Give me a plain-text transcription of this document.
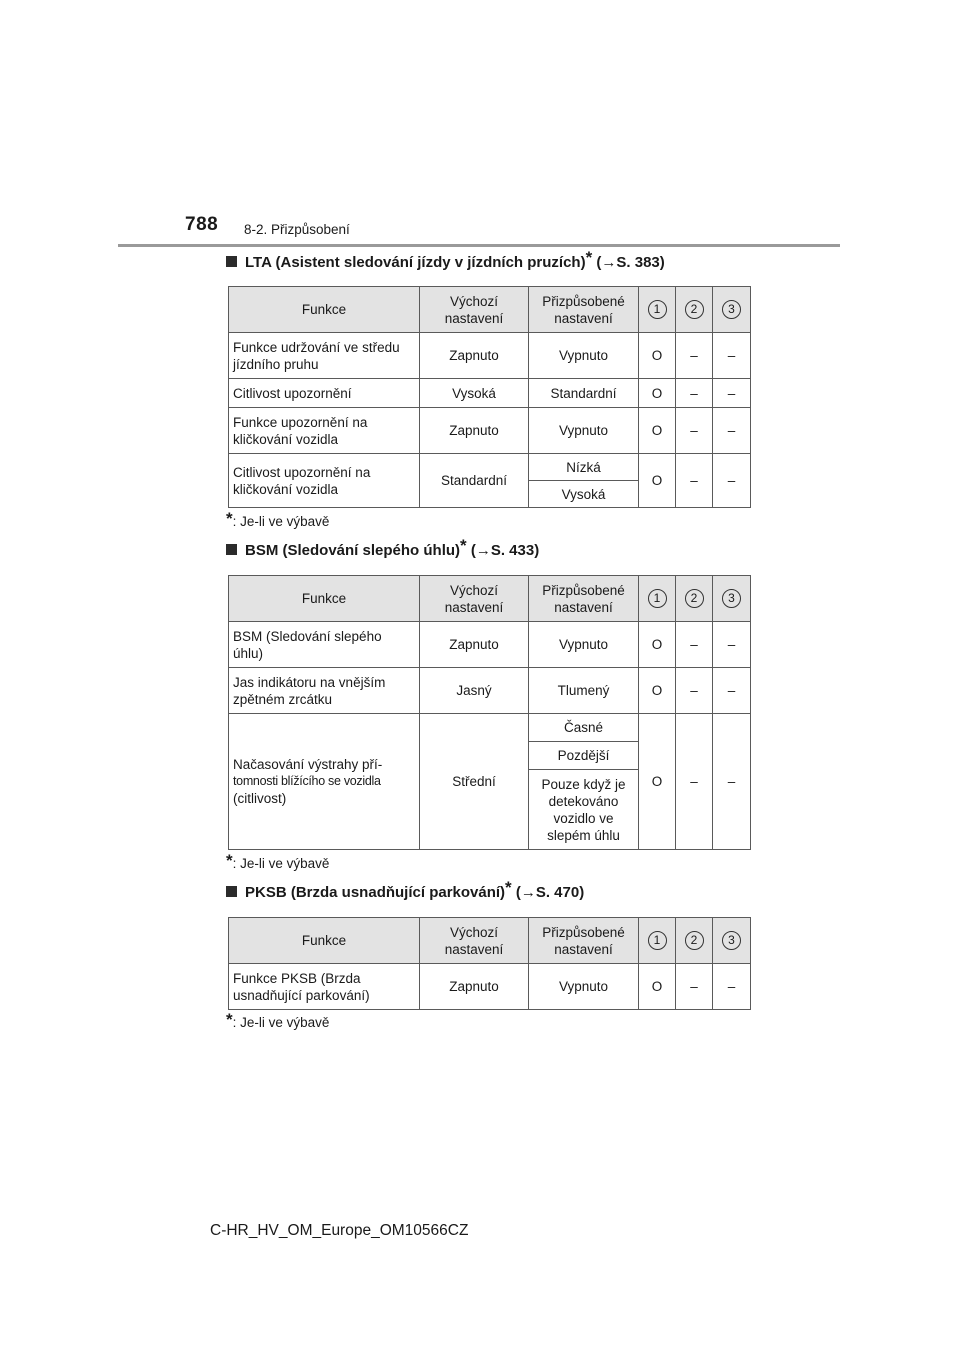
788 8-2. Přizpůsobení
LTA (Asistent sledování jízdy v jízdních pruzích)* (→S. 383)
Funkce	Výchozí nastavení	Přizpůsobené nastavení	1	2	3
Funkce udržování ve středu jízdního pruhu	Zapnuto	Vypnuto	O	–	–
Citlivost upozornění	Vysoká	Standardní	O	–	–
Funkce upozornění na kličkování vozidla	Zapnuto	Vypnuto	O	–	–
Citlivost upozornění na kličkování vozidla	Standardní	Nízká	O	–	–
		Vysoká			
*: Je-li ve výbavě
BSM (Sledování slepého úhlu)* (→S. 433)
Funkce	Výchozí nastavení	Přizpůsobené nastavení	1	2	3
BSM (Sledování slepého úhlu)	Zapnuto	Vypnuto	O	–	–
Jas indikátoru na vnějším zpětném zrcátku	Jasný	Tlumený	O	–	–

Načasování výstrahy pří-
tomnosti blížícího se vozidla
(citlivost)	Střední	Časné	O	–	–
		Pozdější			
		Pouze když je detekováno vozidlo ve slepém úhlu			
*: Je-li ve výbavě
PKSB (Brzda usnadňující parkování)* (→S. 470)
Funkce	Výchozí nastavení	Přizpůsobené nastavení	1	2	3
Funkce PKSB (Brzda usnadňující parkování)	Zapnuto	Vypnuto	O	–	–
*: Je-li ve výbavě
C-HR_HV_OM_Europe_OM10566CZ
